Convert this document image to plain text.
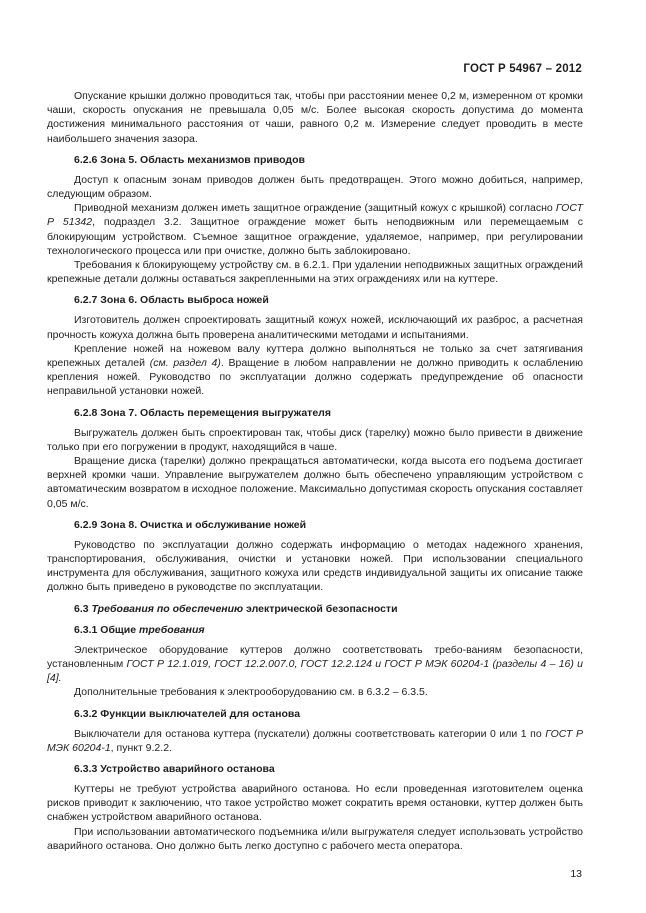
ГОСТ Р 54967 – 2012

Опускание крышки должно проводиться так, чтобы при расстоянии менее 0,2 м, измеренном от кромки чаши, скорость опускания не превышала 0,05 м/с. Более высокая скорость допустима до момента достижения минимального расстояния от чаши, равного 0,2 м. Измерение следует проводить в месте наибольшего значения зазора.

6.2.6 Зона 5. Область механизмов приводов

Доступ к опасным зонам приводов должен быть предотвращен. Этого можно добиться, например, следующим образом.

Приводной механизм должен иметь защитное ограждение (защитный кожух с крышкой) согласно ГОСТ Р 51342, подраздел 3.2. Защитное ограждение может быть неподвижным или перемещаемым с блокирующим устройством. Съемное защитное ограждение, удаляемое, например, при регулировании технологического процесса или при очистке, должно быть заблокировано.

Требования к блокирующему устройству см. в 6.2.1. При удалении неподвижных защитных ограждений крепежные детали должны оставаться закрепленными на этих ограждениях или на куттере.

6.2.7 Зона 6. Область выброса ножей

Изготовитель должен спроектировать защитный кожух ножей, исключающий их разброс, а расчетная прочность кожуха должна быть проверена аналитическими методами и испытаниями.

Крепление ножей на ножевом валу куттера должно выполняться не только за счет затягивания крепежных деталей (см. раздел 4). Вращение в любом направлении не должно приводить к ослаблению крепления ножей. Руководство по эксплуатации должно содержать предупреждение об опасности неправильной установки ножей.

6.2.8 Зона 7. Область перемещения выгружателя

Выгружатель должен быть спроектирован так, чтобы диск (тарелку) можно было привести в движение только при его погружении в продукт, находящийся в чаше.

Вращение диска (тарелки) должно прекращаться автоматически, когда высота его подъема достигает верхней кромки чаши. Управление выгружателем должно быть обеспечено управляющим устройством с автоматическим возвратом в исходное положение. Максимально допустимая скорость опускания составляет 0,05 м/с.

6.2.9 Зона 8. Очистка и обслуживание ножей

Руководство по эксплуатации должно содержать информацию о методах надежного хранения, транспортирования, обслуживания, очистки и установки ножей. При использовании специального инструмента для обслуживания, защитного кожуха или средств индивидуальной защиты их описание также должно быть приведено в руководстве по эксплуатации.

6.3 Требования по обеспечению электрической безопасности
6.3.1 Общие требования

Электрическое оборудование куттеров должно соответствовать требо-ваниям безопасности, установленным ГОСТ Р 12.1.019, ГОСТ 12.2.007.0, ГОСТ 12.2.124 и ГОСТ Р МЭК 60204-1 (разделы 4 – 16) и [4].

Дополнительные требования к электрооборудованию см. в 6.3.2 – 6.3.5.

6.3.2 Функции выключателей для останова

Выключатели для останова куттера (пускатели) должны соответствовать категории 0 или 1 по ГОСТ Р МЭК 60204-1, пункт 9.2.2.

6.3.3 Устройство аварийного останова

Куттеры не требуют устройства аварийного останова. Но если проведенная изготовителем оценка рисков приводит к заключению, что такое устройство может сократить время остановки, куттер должен быть снабжен устройством аварийного останова.

При использовании автоматического подъемника и/или выгружателя следует использовать устройство аварийного останова. Оно должно быть легко доступно с рабочего места оператора.

13
